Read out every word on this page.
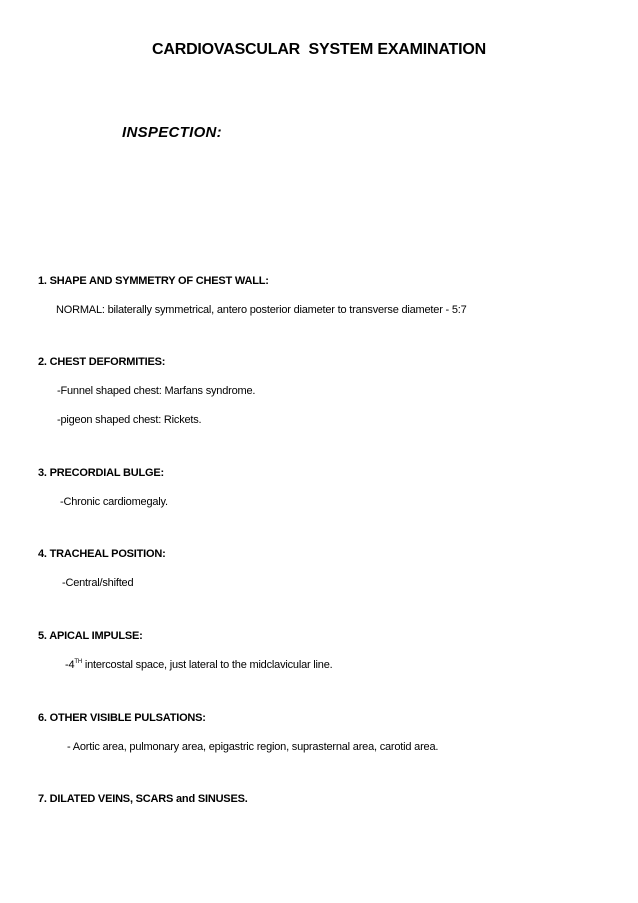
CARDIOVASCULAR  SYSTEM EXAMINATION
INSPECTION:
1. SHAPE AND SYMMETRY OF CHEST WALL:
NORMAL: bilaterally symmetrical, antero posterior diameter to transverse diameter - 5:7
2. CHEST DEFORMITIES:
-Funnel shaped chest: Marfans syndrome.
-pigeon shaped chest: Rickets.
3. PRECORDIAL BULGE:
-Chronic cardiomegaly.
4. TRACHEAL POSITION:
-Central/shifted
5. APICAL IMPULSE:
-4TH intercostal space, just lateral to the midclavicular line.
6. OTHER VISIBLE PULSATIONS:
- Aortic area, pulmonary area, epigastric region, suprasternal area, carotid area.
7. DILATED VEINS, SCARS and SINUSES.
